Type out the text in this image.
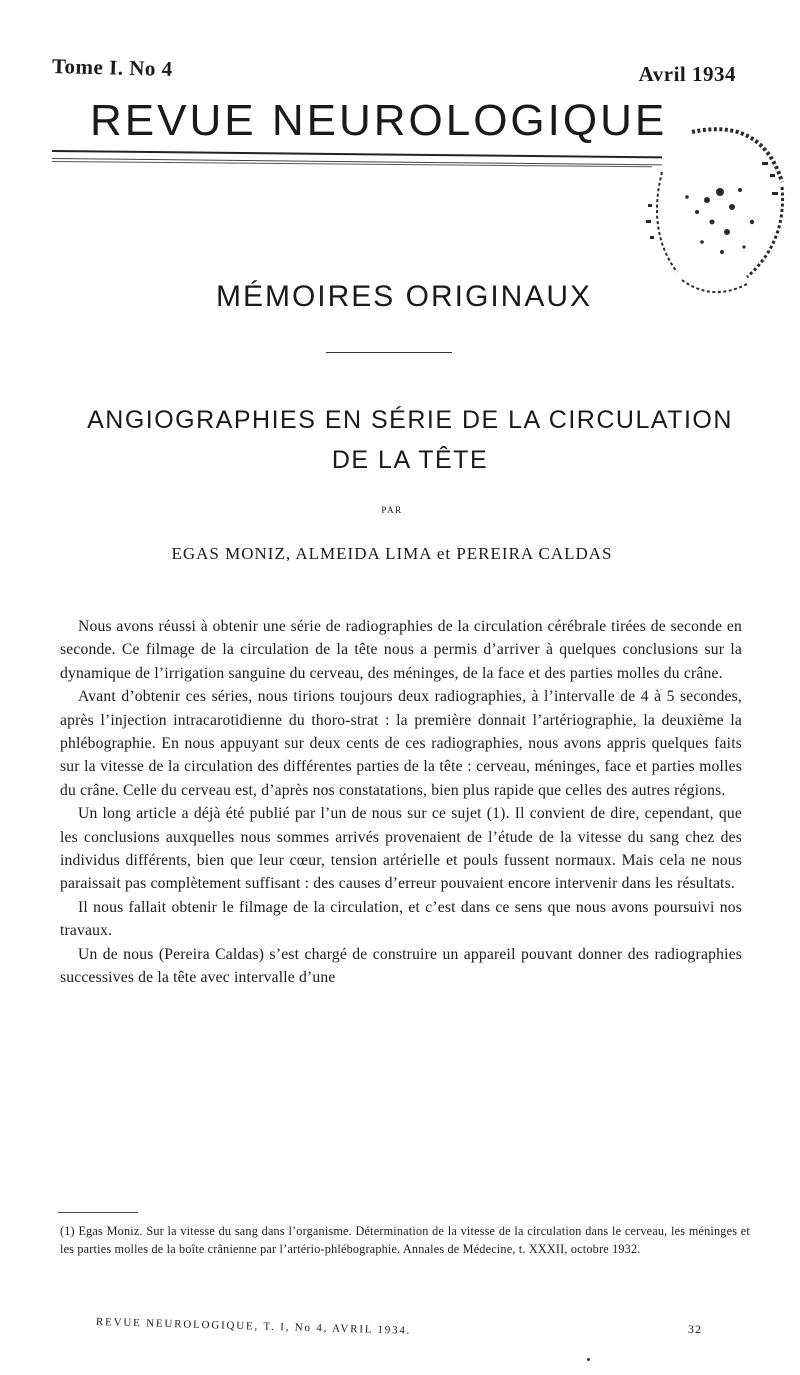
Tome I. No 4	Avril 1934
REVUE NEUROLOGIQUE
MÉMOIRES ORIGINAUX
ANGIOGRAPHIES EN SÉRIE DE LA CIRCULATION
DE LA TÊTE
PAR
EGAS MONIZ, ALMEIDA LIMA et PEREIRA CALDAS

Nous avons réussi à obtenir une série de radiographies de la circulation cérébrale tirées de seconde en seconde. Ce filmage de la circulation de la tête nous a permis d’arriver à quelques conclusions sur la dynamique de l’irrigation sanguine du cerveau, des méninges, de la face et des parties molles du crâne.

Avant d’obtenir ces séries, nous tirions toujours deux radiographies, à l’intervalle de 4 à 5 secondes, après l’injection intracarotidienne du thoro-strat : la première donnait l’artériographie, la deuxième la phlébographie. En nous appuyant sur deux cents de ces radiographies, nous avons appris quelques faits sur la vitesse de la circulation des différentes parties de la tête : cerveau, méninges, face et parties molles du crâne. Celle du cerveau est, d’après nos constatations, bien plus rapide que celles des autres régions.

Un long article a déjà été publié par l’un de nous sur ce sujet (1). Il convient de dire, cependant, que les conclusions auxquelles nous sommes arrivés provenaient de l’étude de la vitesse du sang chez des individus différents, bien que leur cœur, tension artérielle et pouls fussent normaux. Mais cela ne nous paraissait pas complètement suffisant : des causes d’erreur pouvaient encore intervenir dans les résultats.

Il nous fallait obtenir le filmage de la circulation, et c’est dans ce sens que nous avons poursuivi nos travaux.

Un de nous (Pereira Caldas) s’est chargé de construire un appareil pouvant donner des radiographies successives de la tête avec intervalle d’une

(1) Egas Moniz. Sur la vitesse du sang dans l’organisme. Détermination de la vitesse de la circulation dans le cerveau, les méninges et les parties molles de la boîte crânienne par l’artério-phlébographie. Annales de Médecine, t. XXXII, octobre 1932.
REVUE NEUROLOGIQUE, T. I, No 4, AVRIL 1934.	32
